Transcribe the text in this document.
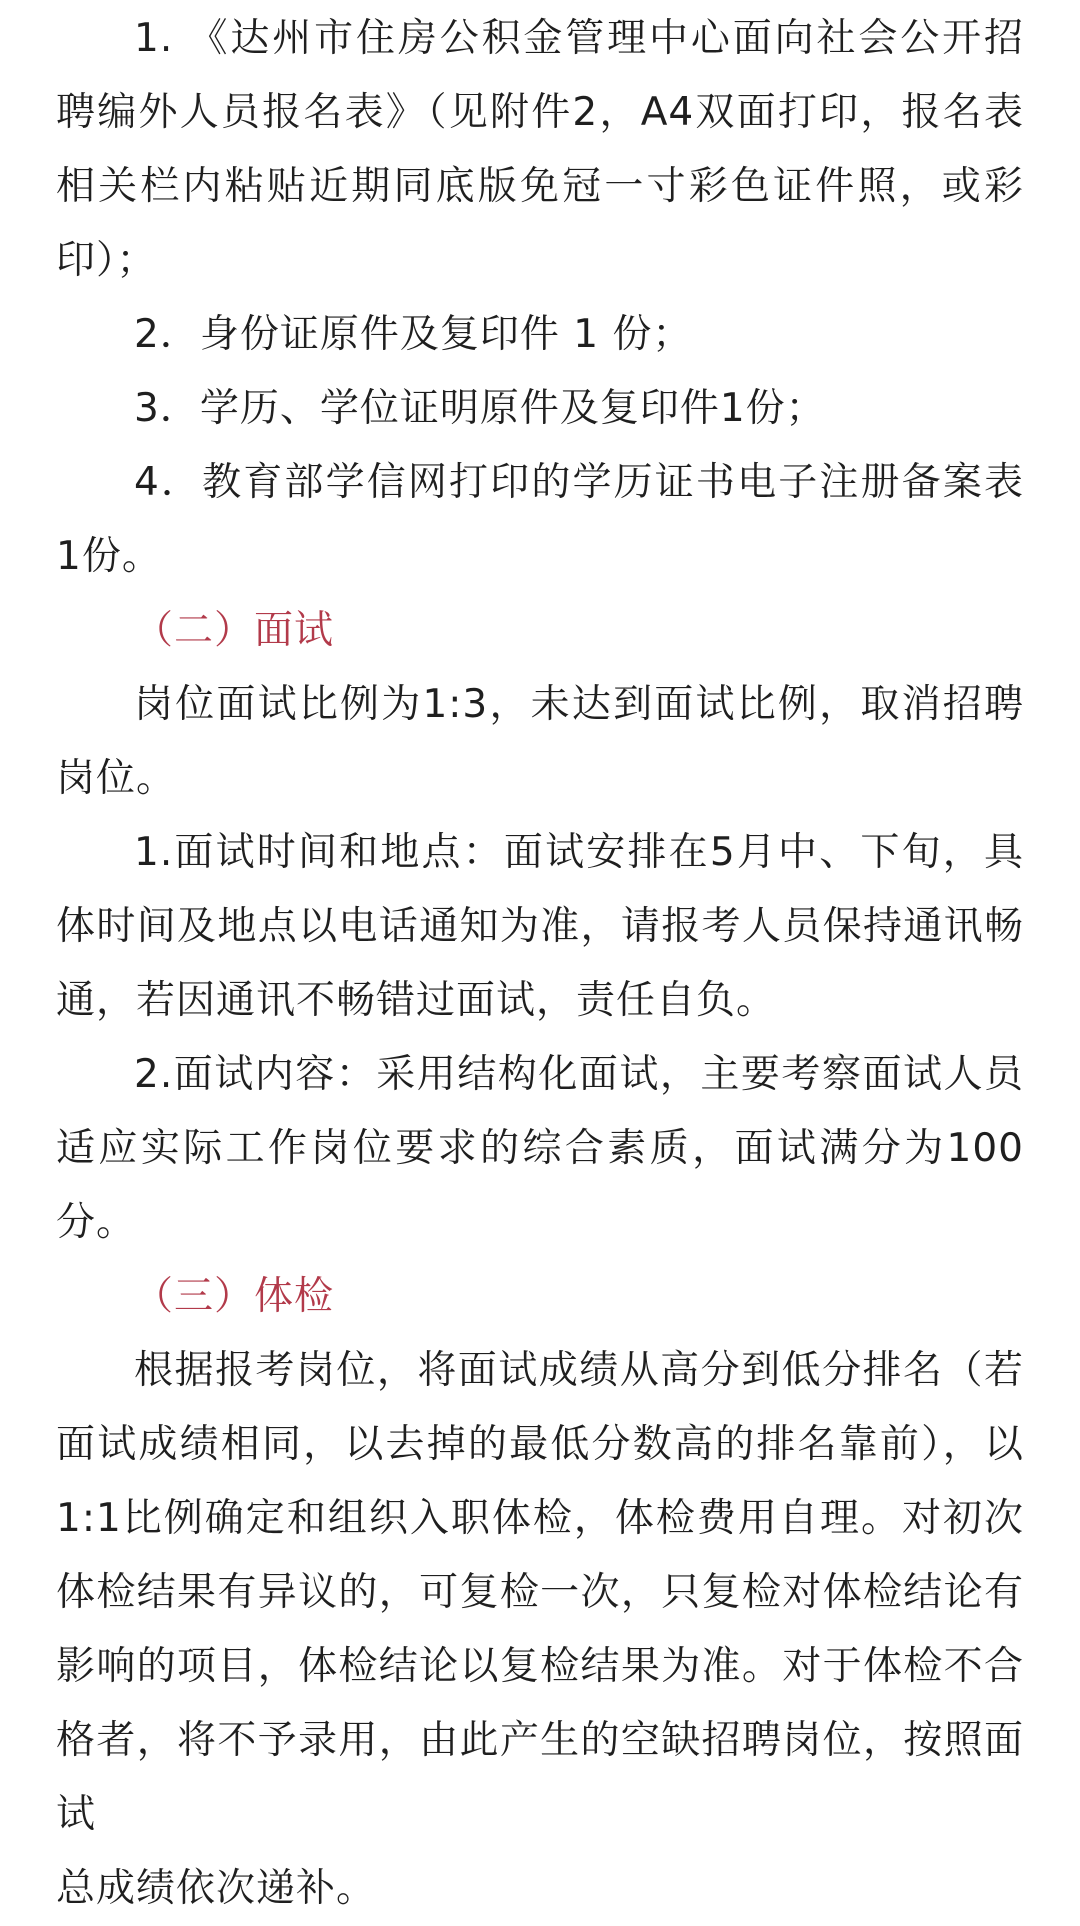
1. 《达州市住房公积金管理中心面向社会公开招聘编外人员报名表》（见附件2，A4双面打印，报名表相关栏内粘贴近期同底版免冠一寸彩色证件照，或彩印）；

2．身份证原件及复印件 1 份；

3．学历、学位证明原件及复印件1份；

4．教育部学信网打印的学历证书电子注册备案表1份。

（二）面试

岗位面试比例为1:3，未达到面试比例，取消招聘岗位。

1.面试时间和地点：面试安排在5月中、下旬，具体时间及地点以电话通知为准，请报考人员保持通讯畅通，若因通讯不畅错过面试，责任自负。

2.面试内容：采用结构化面试，主要考察面试人员适应实际工作岗位要求的综合素质，面试满分为100分。

（三）体检

根据报考岗位，将面试成绩从高分到低分排名（若面试成绩相同，以去掉的最低分数高的排名靠前），以1:1比例确定和组织入职体检，体检费用自理。对初次体检结果有异议的，可复检一次，只复检对体检结论有影响的项目，体检结论以复检结果为准。对于体检不合格者，将不予录用，由此产生的空缺招聘岗位，按照面试

总成绩依次递补。
